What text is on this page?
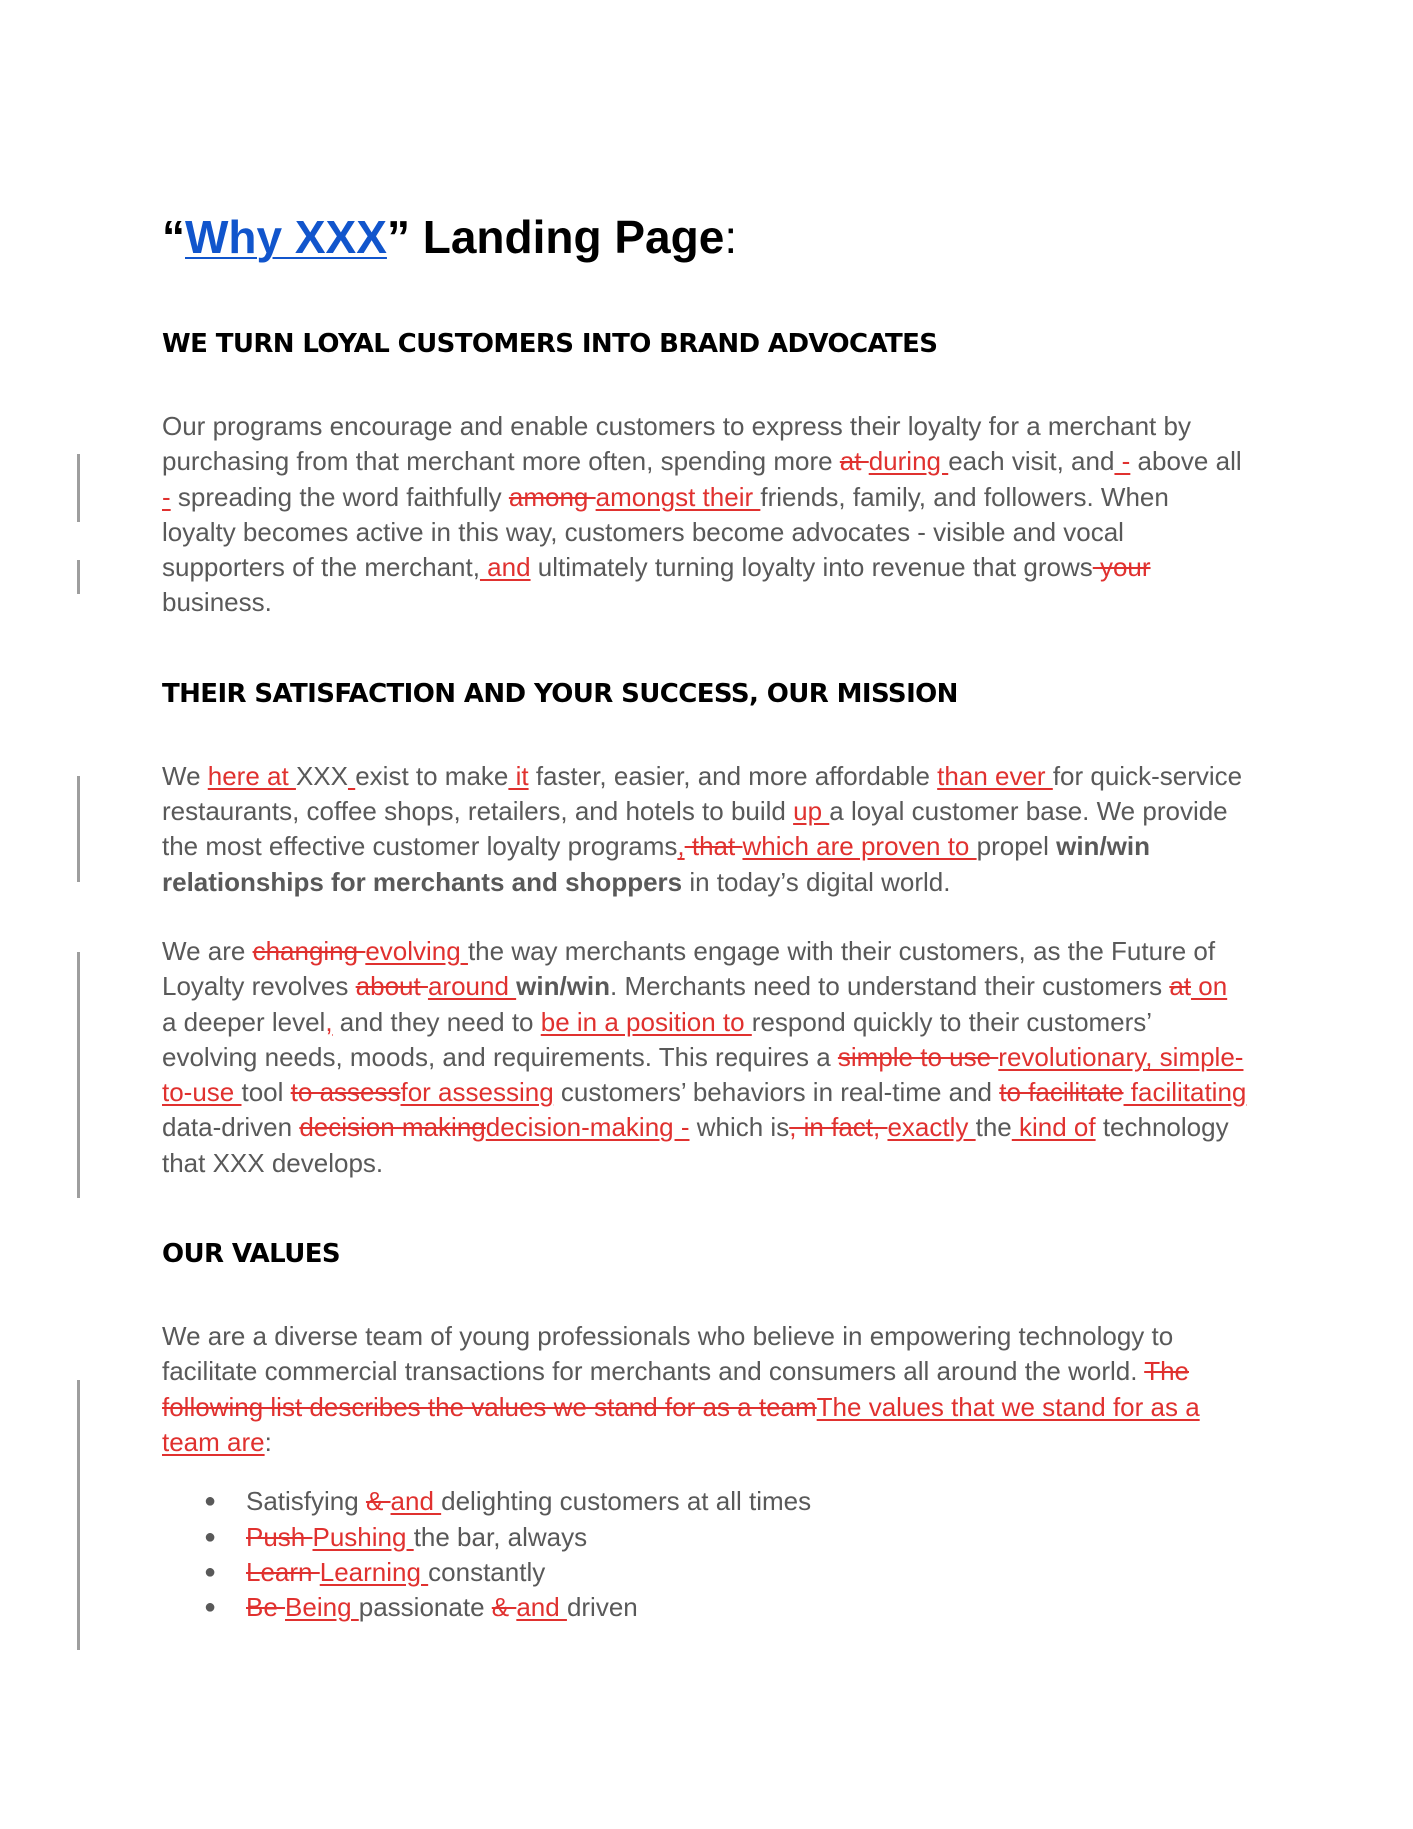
“Why XXX” Landing Page:
WE TURN LOYAL CUSTOMERS INTO BRAND ADVOCATES

Our programs encourage and enable customers to express their loyalty for a merchant by purchasing from that merchant more often, spending more at during each visit, and - above all - spreading the word faithfully among amongst their friends, family, and followers. When loyalty becomes active in this way, customers become advocates - visible and vocal supporters of the merchant, and ultimately turning loyalty into revenue that grows your business.

THEIR SATISFACTION AND YOUR SUCCESS, OUR MISSION

We here at XXX exist to make it faster, easier, and more affordable than ever for quick-service restaurants, coffee shops, retailers, and hotels to build up a loyal customer base. We provide the most effective customer loyalty programs, that which are proven to propel win/win relationships for merchants and shoppers in today’s digital world.

We are changing evolving the way merchants engage with their customers, as the Future of Loyalty revolves about around win/win. Merchants need to understand their customers at on a deeper level, and they need to be in a position to respond quickly to their customers’ evolving needs, moods, and requirements. This requires a simple to use revolutionary, simple-to-use tool to assessfor assessing customers’ behaviors in real-time and to facilitate facilitating data-driven decision makingdecision-making - which is, in fact, exactly the kind of technology that XXX develops.

OUR VALUES

We are a diverse team of young professionals who believe in empowering technology to facilitate commercial transactions for merchants and consumers all around the world. The following list describes the values we stand for as a teamThe values that we stand for as a team are:

● Satisfying & and delighting customers at all times
● Push Pushing the bar, always
● Learn Learning constantly
● Be Being passionate & and driven
